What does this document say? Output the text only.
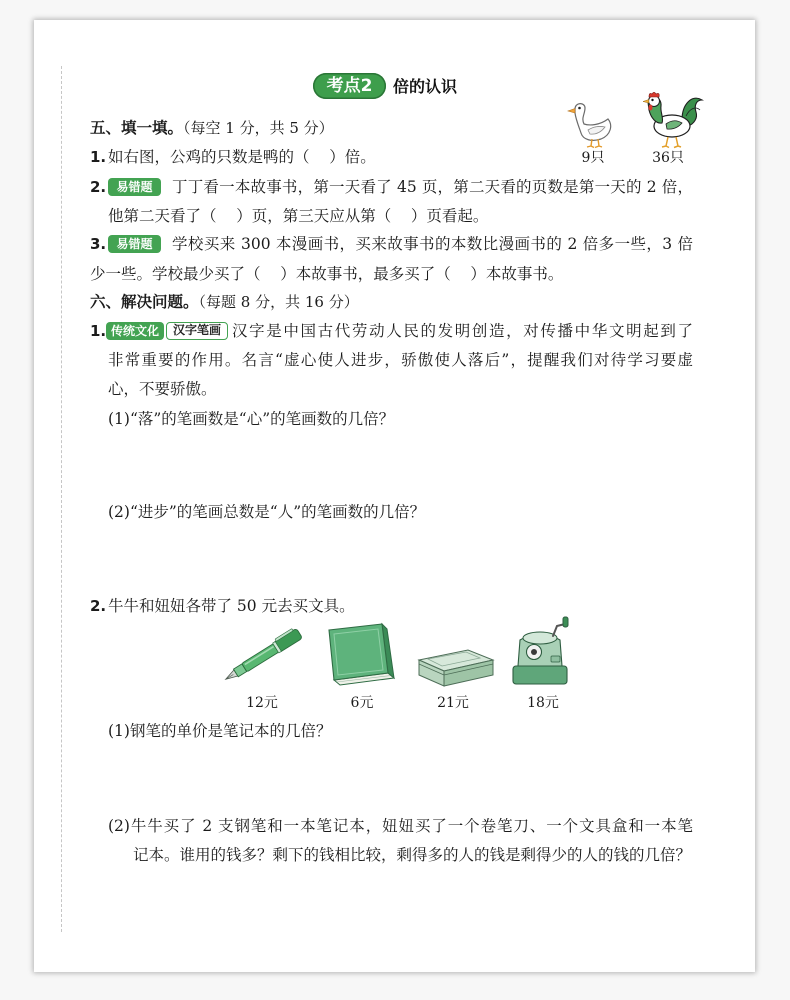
考点2	倍的认识
五、填一填。（每空 1 分，共 5 分）
1. 如右图，公鸡的只数是鸭的（    ）倍。	9只	36只
2. 易错题	丁丁看一本故事书，第一天看了 45 页，第二天看的页数是第一天的 2 倍，
他第二天看了（    ）页，第三天应从第（    ）页看起。
3. 易错题	学校买来 300 本漫画书，买来故事书的本数比漫画书的 2 倍多一些，3 倍
少一些。学校最少买了（    ）本故事书，最多买了（    ）本故事书。
六、解决问题。（每题 8 分，共 16 分）
1. 传统文化	汉字笔画 汉字是中国古代劳动人民的发明创造，对传播中华文明起到了
非常重要的作用。名言“虚心使人进步，骄傲使人落后”，提醒我们对待学习要虚
心，不要骄傲。
(1)“落”的笔画数是“心”的笔画数的几倍？
(2)“进步”的笔画总数是“人”的笔画数的几倍？
2. 牛牛和妞妞各带了 50 元去买文具。
12元	6元	21元	18元
(1)钢笔的单价是笔记本的几倍？
(2)牛牛买了 2 支钢笔和一本笔记本，妞妞买了一个卷笔刀、一个文具盒和一本笔
记本。谁用的钱多？剩下的钱相比较，剩得多的人的钱是剩得少的人的钱的几倍？
